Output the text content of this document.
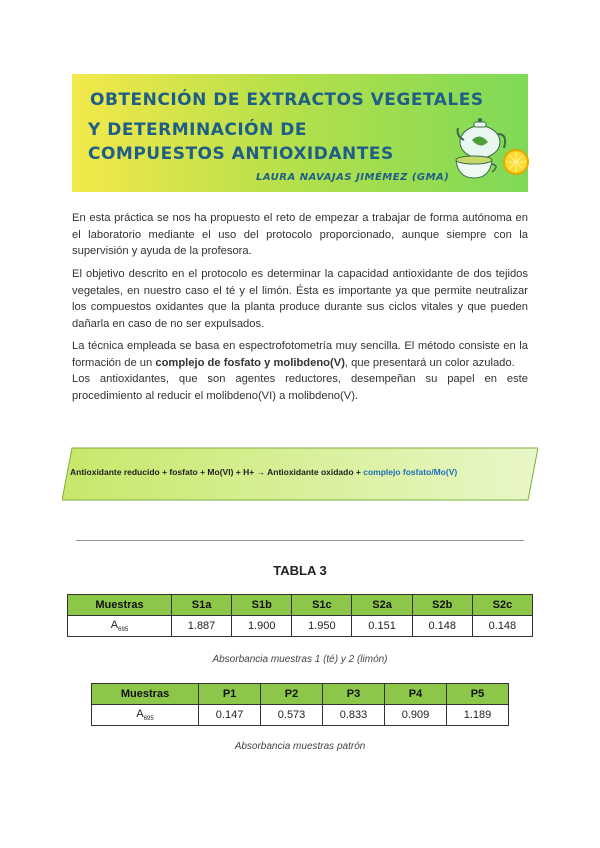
OBTENCIÓN DE EXTRACTOS VEGETALES
Y DETERMINACIÓN DE
COMPUESTOS ANTIOXIDANTES
LAURA NAVAJAS JIMÉMEZ (GMA)

En esta práctica se nos ha propuesto el reto de empezar a trabajar de forma autónoma en el laboratorio mediante el uso del protocolo proporcionado, aunque siempre con la supervisión y ayuda de la profesora.

El objetivo descrito en el protocolo es determinar la capacidad antioxidante de dos tejidos vegetales, en nuestro caso el té y el limón. Ésta es importante ya que permite neutralizar los compuestos oxidantes que la planta produce durante sus ciclos vitales y que pueden dañarla en caso de no ser expulsados.

La técnica empleada se basa en espectrofotometría muy sencilla. El método consiste en la formación de un complejo de fosfato y molibdeno(V), que presentará un color azulado.
Los antioxidantes, que son agentes reductores, desempeñan su papel en este procedimiento al reducir el molibdeno(VI) a molibdeno(V).

Antioxidante reducido + fosfato + Mo(VI) + H+ → Antioxidante oxidado + complejo fosfato/Mo(V)
TABLA 3
Muestras	S1a	S1b	S1c	S2a	S2b	S2c
$A_{695}$	1.887	1.900	1.950	0.151	0.148	0.148
Absorbancia muestras 1 (té) y 2 (limón)
Muestras	P1	P2	P3	P4	P5
$A_{695}$	0.147	0.573	0.833	0.909	1.189
Absorbancia muestras patrón
